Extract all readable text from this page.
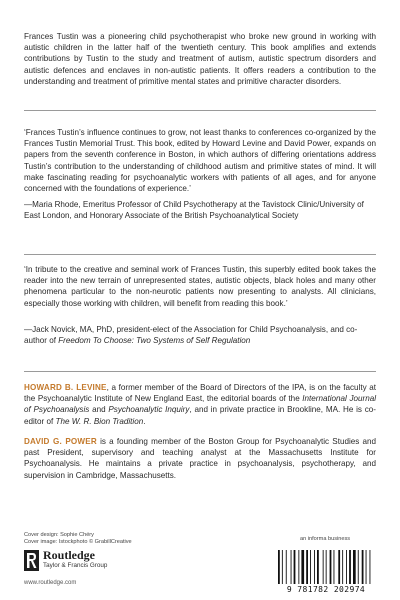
Frances Tustin was a pioneering child psychotherapist who broke new ground in working with autistic children in the latter half of the twentieth century. This book amplifies and extends contributions by Tustin to the study and treatment of autism, autistic spectrum disorders and autistic defences and enclaves in non-autistic patients. It offers readers a contribution to the understanding and treatment of primitive mental states and primitive character disorders.

‘Frances Tustin’s influence continues to grow, not least thanks to conferences co-organized by the Frances Tustin Memorial Trust. This book, edited by Howard Levine and David Power, expands on papers from the seventh conference in Boston, in which authors of differing orientations address Tustin’s contribution to the understanding of childhood autism and primitive states of mind. It will make fascinating reading for psychoanalytic workers with patients of all ages, and for anyone concerned with the foundations of experience.’

—Maria Rhode, Emeritus Professor of Child Psychotherapy at the Tavistock Clinic/University of East London, and Honorary Associate of the British Psychoanalytical Society

‘In tribute to the creative and seminal work of Frances Tustin, this superbly edited book takes the reader into the new terrain of unrepresented states, autistic objects, black holes and many other phenomena particular to the non-neurotic patients now presenting to analysts. All clinicians, especially those working with children, will benefit from reading this book.’

—Jack Novick, MA, PhD, president-elect of the Association for Child Psychoanalysis, and co-author of Freedom To Choose: Two Systems of Self Regulation

HOWARD B. LEVINE, a former member of the Board of Directors of the IPA, is on the faculty at the Psychoanalytic Institute of New England East, the editorial boards of the International Journal of Psychoanalysis and Psychoanalytic Inquiry, and in private practice in Brookline, MA. He is co-editor of The W. R. Bion Tradition.

DAVID G. POWER is a founding member of the Boston Group for Psychoanalytic Studies and past President, supervisory and teaching analyst at the Massachusetts Institute for Psychoanalysis. He maintains a private practice in psychoanalysis, psychotherapy, and supervision in Cambridge, Massachusetts.

Cover design: Sophie Chéry
Cover image: Istockphoto © GrabillCreative
an informa business
Routledge
Taylor & Francis Group
www.routledge.com
9 781782 202974
